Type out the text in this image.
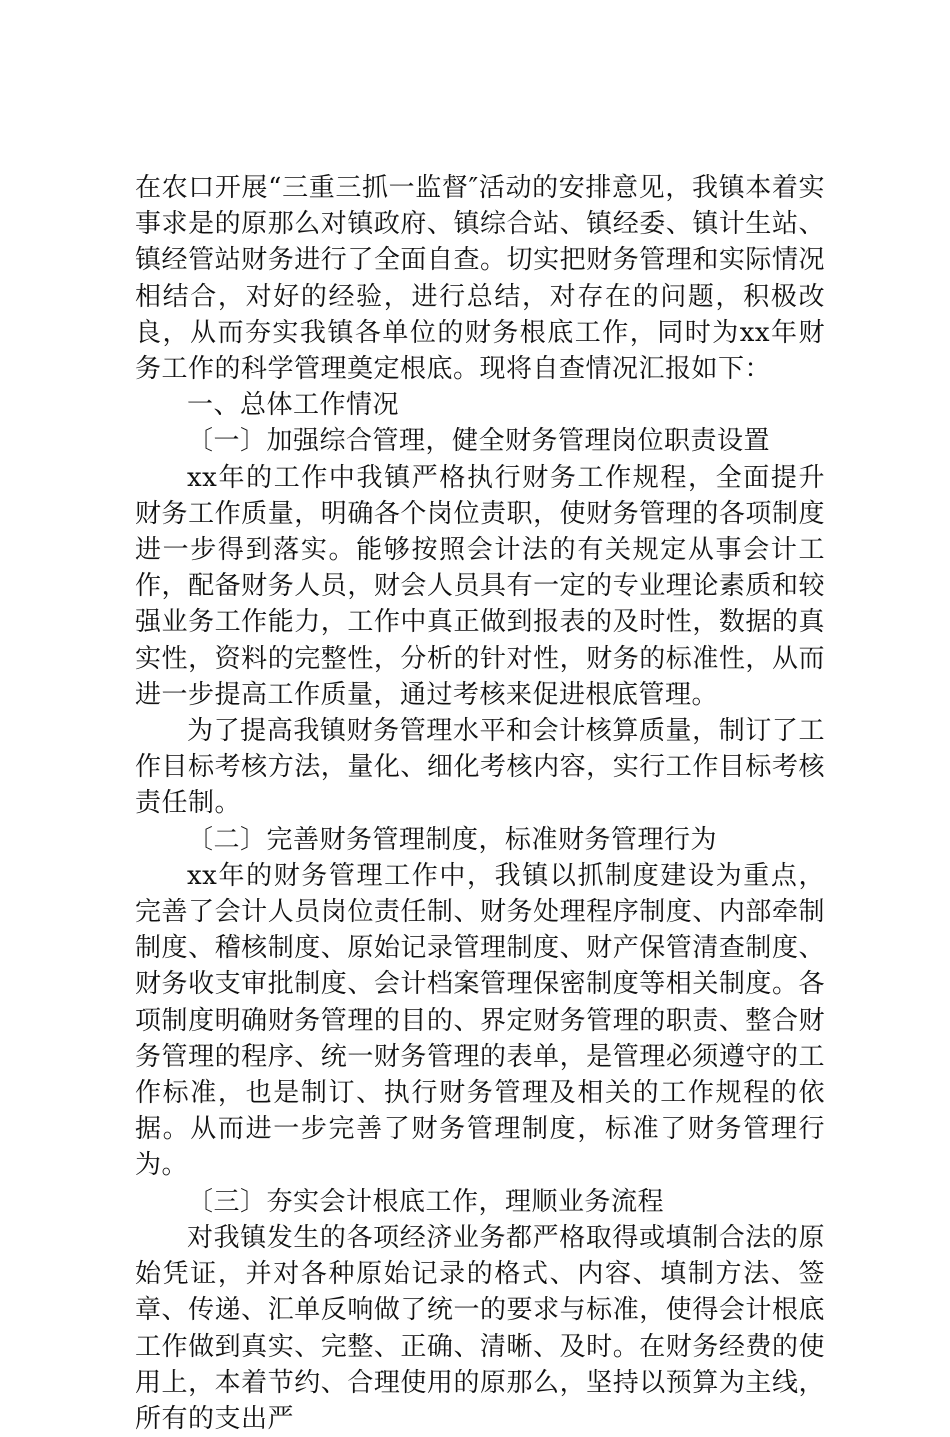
在农口开展“三重三抓一监督″活动的安排意见，我镇本着实事求是的原那么对镇政府、镇综合站、镇经委、镇计生站、镇经管站财务进行了全面自查。切实把财务管理和实际情况相结合，对好的经验，进行总结，对存在的问题，积极改良，从而夯实我镇各单位的财务根底工作，同时为xx年财务工作的科学管理奠定根底。现将自查情况汇报如下：

一、总体工作情况

〔一〕加强综合管理，健全财务管理岗位职责设置

xx年的工作中我镇严格执行财务工作规程，全面提升财务工作质量，明确各个岗位责职，使财务管理的各项制度进一步得到落实。能够按照会计法的有关规定从事会计工作，配备财务人员，财会人员具有一定的专业理论素质和较强业务工作能力，工作中真正做到报表的及时性，数据的真实性，资料的完整性，分析的针对性，财务的标准性，从而进一步提高工作质量，通过考核来促进根底管理。

为了提高我镇财务管理水平和会计核算质量，制订了工作目标考核方法，量化、细化考核内容，实行工作目标考核责任制。

〔二〕完善财务管理制度，标准财务管理行为

xx年的财务管理工作中，我镇以抓制度建设为重点，完善了会计人员岗位责任制、财务处理程序制度、内部牵制制度、稽核制度、原始记录管理制度、财产保管清查制度、财务收支审批制度、会计档案管理保密制度等相关制度。各项制度明确财务管理的目的、界定财务管理的职责、整合财务管理的程序、统一财务管理的表单，是管理必须遵守的工作标准，也是制订、执行财务管理及相关的工作规程的依据。从而进一步完善了财务管理制度，标准了财务管理行为。

〔三〕夯实会计根底工作，理顺业务流程

对我镇发生的各项经济业务都严格取得或填制合法的原始凭证，并对各种原始记录的格式、内容、填制方法、签章、传递、汇单反响做了统一的要求与标准，使得会计根底工作做到真实、完整、正确、清晰、及时。在财务经费的使用上，本着节约、合理使用的原那么，坚持以预算为主线，所有的支出严
